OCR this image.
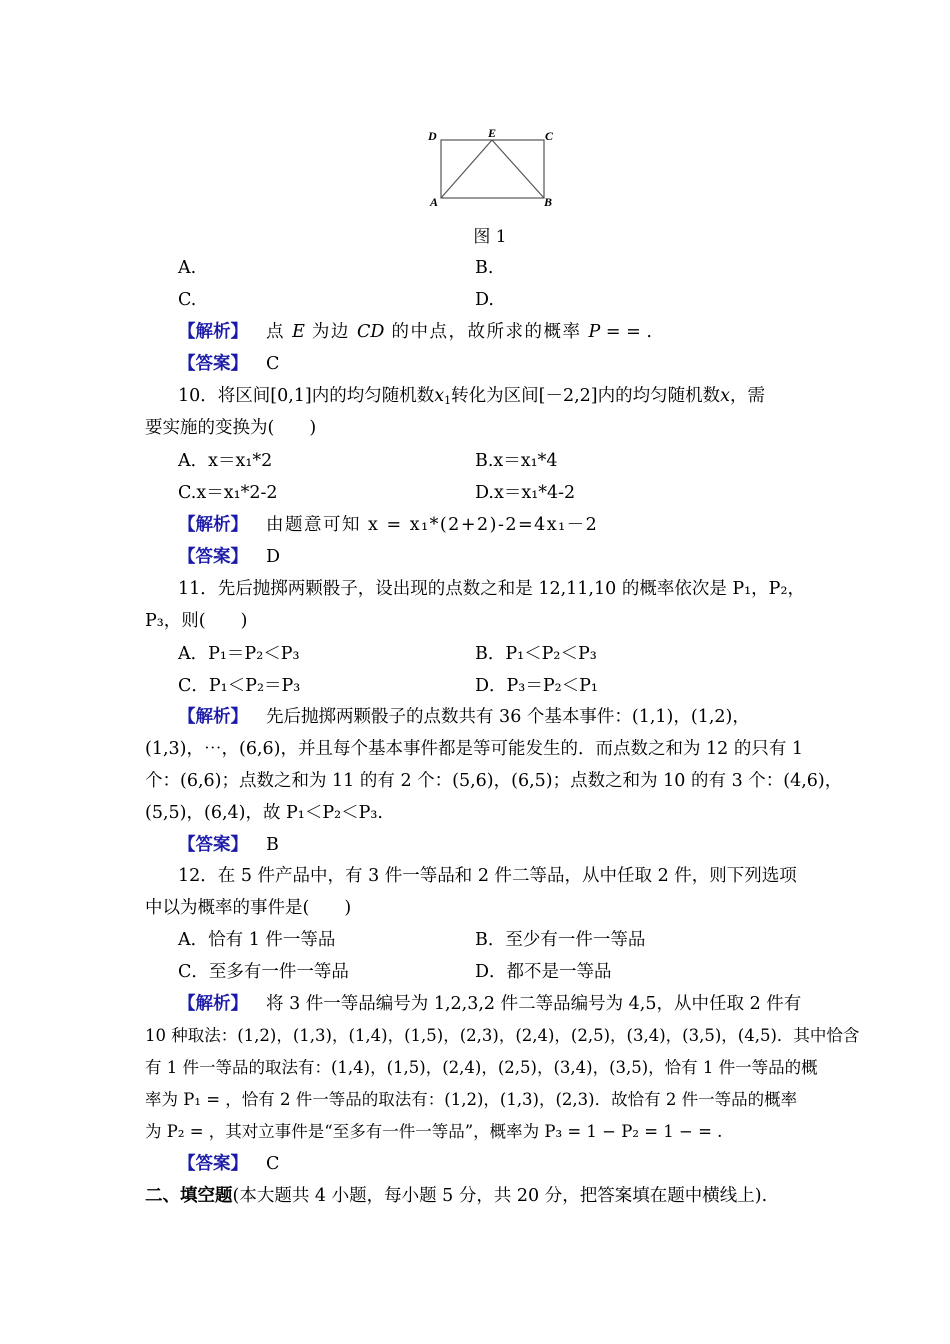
D	E	C
A	B
图 1
A.	B.
C.	D.
【解析】 点 E 为边 CD 的中点，故所求的概率 P = = .
【答案】 C
10．将区间[0,1]内的均匀随机数$x_1$转化为区间[－2,2]内的均匀随机数x，需
要实施的变换为(　　)
A．x＝x₁*2	B.x＝x₁*4
C.x＝x₁*2-2	D.x＝x₁*4-2
【解析】 由题意可知 x = x₁*(2+2)-2=4x₁－2
【答案】 D
11．先后抛掷两颗骰子，设出现的点数之和是 12,11,10 的概率依次是 P₁，P₂，
P₃，则(　　)
A．P₁＝P₂＜P₃	B．P₁＜P₂＜P₃
C．P₁＜P₂＝P₃	D．P₃＝P₂＜P₁
【解析】 先后抛掷两颗骰子的点数共有 36 个基本事件：(1,1)，(1,2)，
(1,3)，⋯，(6,6)，并且每个基本事件都是等可能发生的．而点数之和为 12 的只有 1
个：(6,6)；点数之和为 11 的有 2 个：(5,6)，(6,5)；点数之和为 10 的有 3 个：(4,6)，
(5,5)，(6,4)，故 P₁＜P₂＜P₃.
【答案】 B
12．在 5 件产品中，有 3 件一等品和 2 件二等品，从中任取 2 件，则下列选项
中以为概率的事件是(　　)
A．恰有 1 件一等品	B．至少有一件一等品
C．至多有一件一等品	D．都不是一等品
【解析】 将 3 件一等品编号为 1,2,3,2 件二等品编号为 4,5，从中任取 2 件有
10 种取法：(1,2)，(1,3)，(1,4)，(1,5)，(2,3)，(2,4)，(2,5)，(3,4)，(3,5)，(4,5)．其中恰含
有 1 件一等品的取法有：(1,4)，(1,5)，(2,4)，(2,5)，(3,4)，(3,5)，恰有 1 件一等品的概
率为 P₁ = ，恰有 2 件一等品的取法有：(1,2)，(1,3)，(2,3)．故恰有 2 件一等品的概率
为 P₂ = ，其对立事件是“至多有一件一等品”，概率为 P₃ = 1 − P₂ = 1 − = .
【答案】 C
二、填空题(本大题共 4 小题，每小题 5 分，共 20 分，把答案填在题中横线上).
